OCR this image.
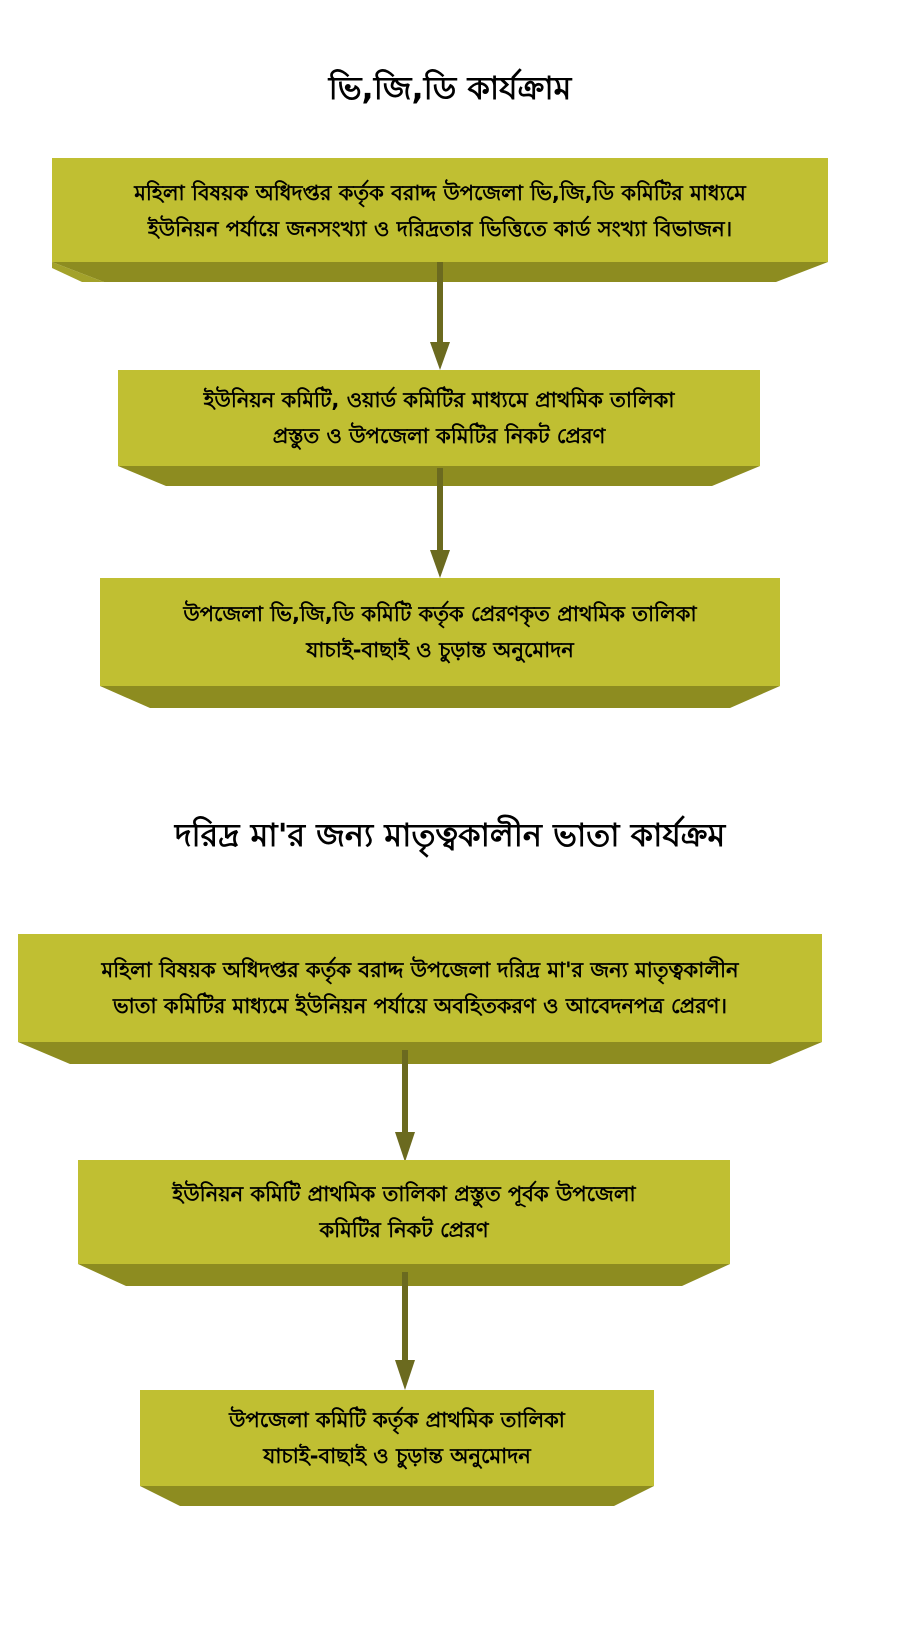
ভি,জি,ডি কার্যক্রাম
মহিলা বিষয়ক অধিদপ্তর কর্তৃক বরাদ্দ উপজেলা ভি,জি,ডি কমিটির মাধ্যমে
ইউনিয়ন পর্যায়ে জনসংখ্যা ও দরিদ্রতার ভিত্তিতে কার্ড সংখ্যা বিভাজন।
ইউনিয়ন কমিটি, ওয়ার্ড কমিটির মাধ্যমে প্রাথমিক তালিকা
প্রস্তুত ও উপজেলা কমিটির নিকট প্রেরণ
উপজেলা ভি,জি,ডি কমিটি কর্তৃক প্রেরণকৃত প্রাথমিক তালিকা
যাচাই-বাছাই ও চুড়ান্ত অনুমোদন
দরিদ্র মা'র জন্য মাতৃত্বকালীন ভাতা কার্যক্রম
মহিলা বিষয়ক অধিদপ্তর কর্তৃক বরাদ্দ উপজেলা দরিদ্র মা'র জন্য মাতৃত্বকালীন
ভাতা কমিটির মাধ্যমে ইউনিয়ন পর্যায়ে অবহিতকরণ ও আবেদনপত্র প্রেরণ।
ইউনিয়ন কমিটি প্রাথমিক তালিকা প্রস্তুত পূর্বক উপজেলা
কমিটির নিকট প্রেরণ
উপজেলা কমিটি কর্তৃক প্রাথমিক তালিকা
যাচাই-বাছাই ও চুড়ান্ত অনুমোদন
